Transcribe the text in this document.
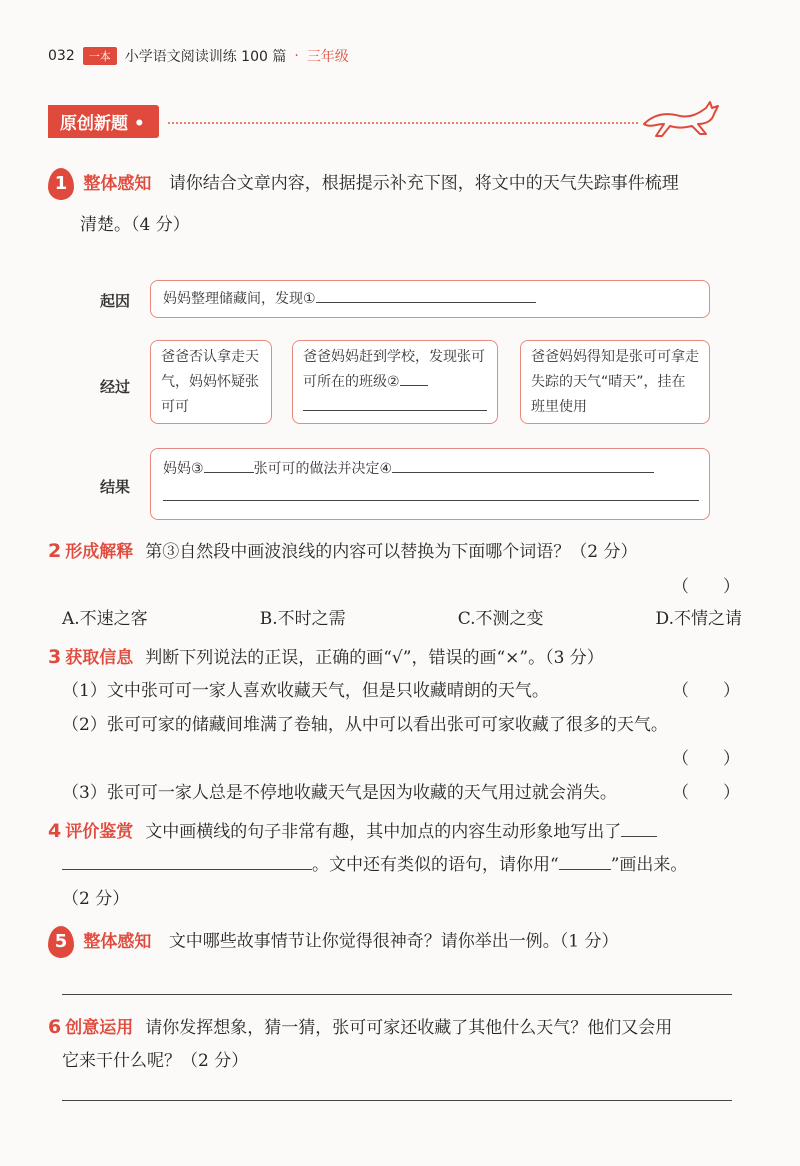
032	一本	小学语文阅读训练 100 篇 · 三年级
原创新题 •
1 整体感知 请你结合文章内容，根据提示补充下图，将文中的天气失踪事件梳理
清楚。（4 分）
起因	妈妈整理储藏间，发现①
经过
爸爸否认拿走天气，妈妈怀疑张可可
爸爸妈妈赶到学校，发现张可可所在的班级②

爸爸妈妈得知是张可可拿走失踪的天气“晴天”，挂在班里使用
结果
妈妈③	张可可的做法并决定④
2 形成解释 第③自然段中画波浪线的内容可以替换为下面哪个词语？（2 分）
（　　）
A.不速之客	B.不时之需	C.不测之变	D.不情之请
3 获取信息 判断下列说法的正误，正确的画“√”，错误的画“×”。（3 分）
（1）文中张可可一家人喜欢收藏天气，但是只收藏晴朗的天气。	（　　）
（2）张可可家的储藏间堆满了卷轴，从中可以看出张可可家收藏了很多的天气。
（　　）
（3）张可可一家人总是不停地收藏天气是因为收藏的天气用过就会消失。	（　　）
4 评价鉴赏 文中画横线的句子非常有趣，其中加点的内容生动形象地写出了
。文中还有类似的语句，请你用“	”画出来。
（2 分）
5 整体感知 文中哪些故事情节让你觉得很神奇？请你举出一例。（1 分）
6 创意运用 请你发挥想象，猜一猜，张可可家还收藏了其他什么天气？他们又会用
它来干什么呢？（2 分）
